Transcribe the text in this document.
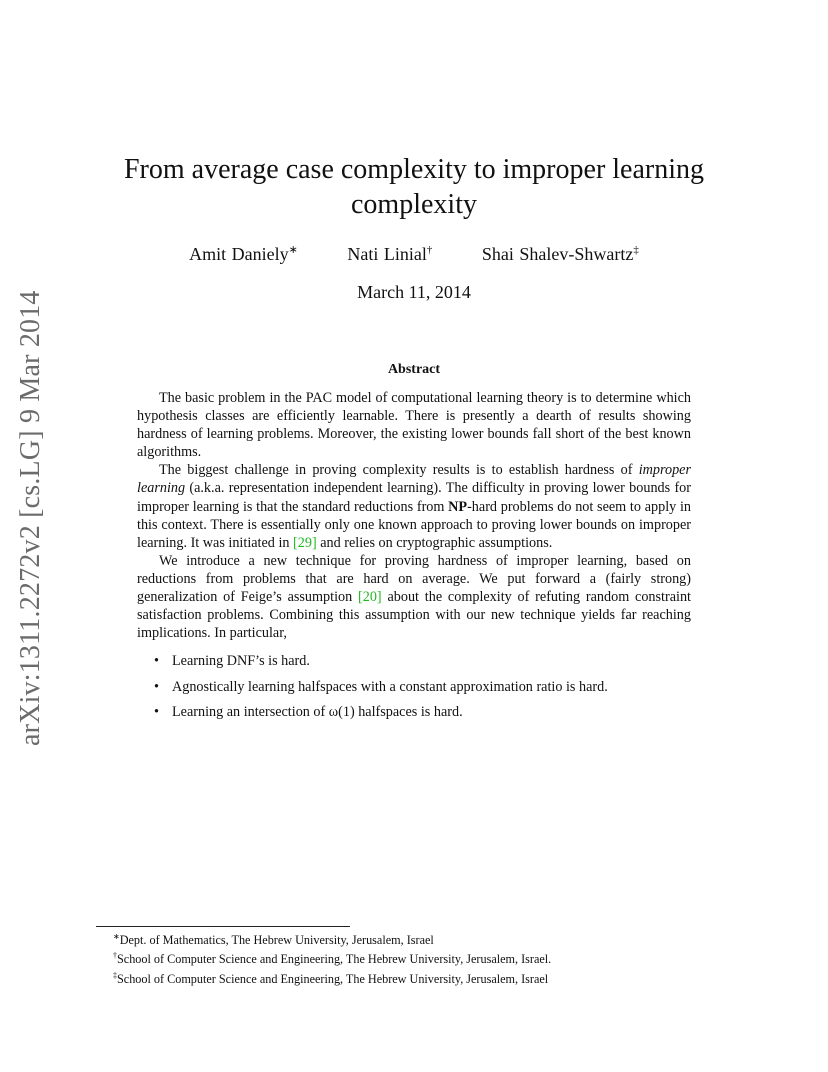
arXiv:1311.2272v2 [cs.LG] 9 Mar 2014
From average case complexity to improper learning complexity
Amit Daniely∗	Nati Linial†	Shai Shalev-Shwartz‡
March 11, 2014
Abstract

The basic problem in the PAC model of computational learning theory is to determine which hypothesis classes are efficiently learnable. There is presently a dearth of results showing hardness of learning problems. Moreover, the existing lower bounds fall short of the best known algorithms.

The biggest challenge in proving complexity results is to establish hardness of improper learning (a.k.a. representation independent learning). The difficulty in proving lower bounds for improper learning is that the standard reductions from NP-hard problems do not seem to apply in this context. There is essentially only one known approach to proving lower bounds on improper learning. It was initiated in [29] and relies on cryptographic assumptions.

We introduce a new technique for proving hardness of improper learning, based on reductions from problems that are hard on average. We put forward a (fairly strong) generalization of Feige’s assumption [20] about the complexity of refuting random constraint satisfaction problems. Combining this assumption with our new technique yields far reaching implications. In particular,

• Learning DNF’s is hard.
• Agnostically learning halfspaces with a constant approximation ratio is hard.
• Learning an intersection of ω(1) halfspaces is hard.
∗Dept. of Mathematics, The Hebrew University, Jerusalem, Israel
†School of Computer Science and Engineering, The Hebrew University, Jerusalem, Israel.
‡School of Computer Science and Engineering, The Hebrew University, Jerusalem, Israel
